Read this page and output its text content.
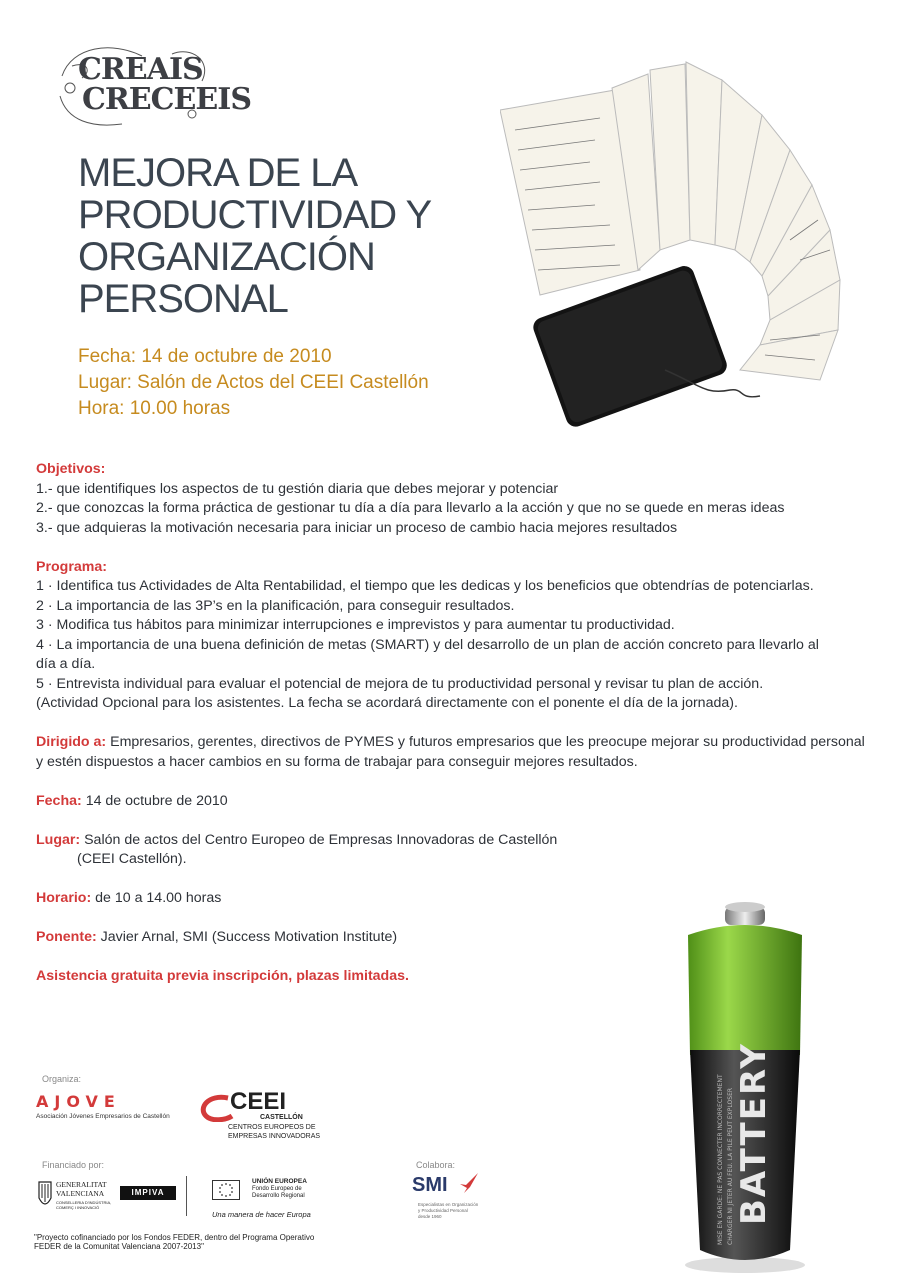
CREAIS
CRECEEIS
MEJORA DE LA
PRODUCTIVIDAD Y
ORGANIZACIÓN
PERSONAL
Fecha: 14 de octubre de 2010
Lugar: Salón de Actos del CEEI Castellón
Hora: 10.00 horas
Objetivos:
1.- que identifiques los aspectos de tu gestión diaria que debes mejorar y potenciar
2.- que conozcas la forma práctica de gestionar tu día a día para llevarlo a la acción y que no se quede en meras ideas
3.- que adquieras la motivación necesaria para iniciar un proceso de cambio hacia mejores resultados
Programa:
1 · Identifica tus Actividades de Alta Rentabilidad, el tiempo que les dedicas y los beneficios que obtendrías de potenciarlas.
2 · La importancia de las 3P’s en la planificación, para conseguir resultados.
3 · Modifica tus hábitos para minimizar interrupciones e imprevistos y para aumentar tu productividad.
4 · La importancia de una buena definición de metas (SMART) y del desarrollo de un plan de acción concreto para llevarlo al día a día.
5 · Entrevista individual para evaluar el potencial de mejora de tu productividad personal y revisar tu plan de acción.
(Actividad Opcional para los asistentes. La fecha se acordará directamente con el ponente el día de la jornada).
Dirigido a: Empresarios, gerentes, directivos de PYMES y futuros empresarios que les preocupe mejorar su productividad personal y estén dispuestos a hacer cambios en su forma de trabajar para conseguir mejores resultados.
Fecha: 14 de octubre de 2010
Lugar: Salón de actos del Centro Europeo de Empresas Innovadoras de Castellón
(CEEI Castellón).
Horario: de 10 a 14.00 horas
Ponente: Javier Arnal, SMI (Success Motivation Institute)
Asistencia gratuita previa inscripción, plazas limitadas.
BATTERY
MISE EN GARDE: NE PAS CONNECTER INCORRECTEMENT CHARGER NI JETER AU FEU. LA PILE PEUT EXPLOSER
Organiza:
AJOVE
Asociación Jóvenes Empresarios de Castellón
CEEI
CASTELLÓN
CENTROS EUROPEOS DE
EMPRESAS INNOVADORAS
Financiado por:
GENERALITAT
VALENCIANA
CONSELLERIA D'INDÚSTRIA,
COMERÇ I INNOVACIÓ
IMPIVA
UNIÓN EUROPEA
Fondo Europeo de
Desarrollo Regional
Una manera de hacer Europa
Colabora:
SMI
Especialistas en Organización
y Productividad Personal
desde 1960
"Proyecto cofinanciado por los Fondos FEDER, dentro del Programa Operativo
FEDER de la Comunitat Valenciana 2007-2013"
